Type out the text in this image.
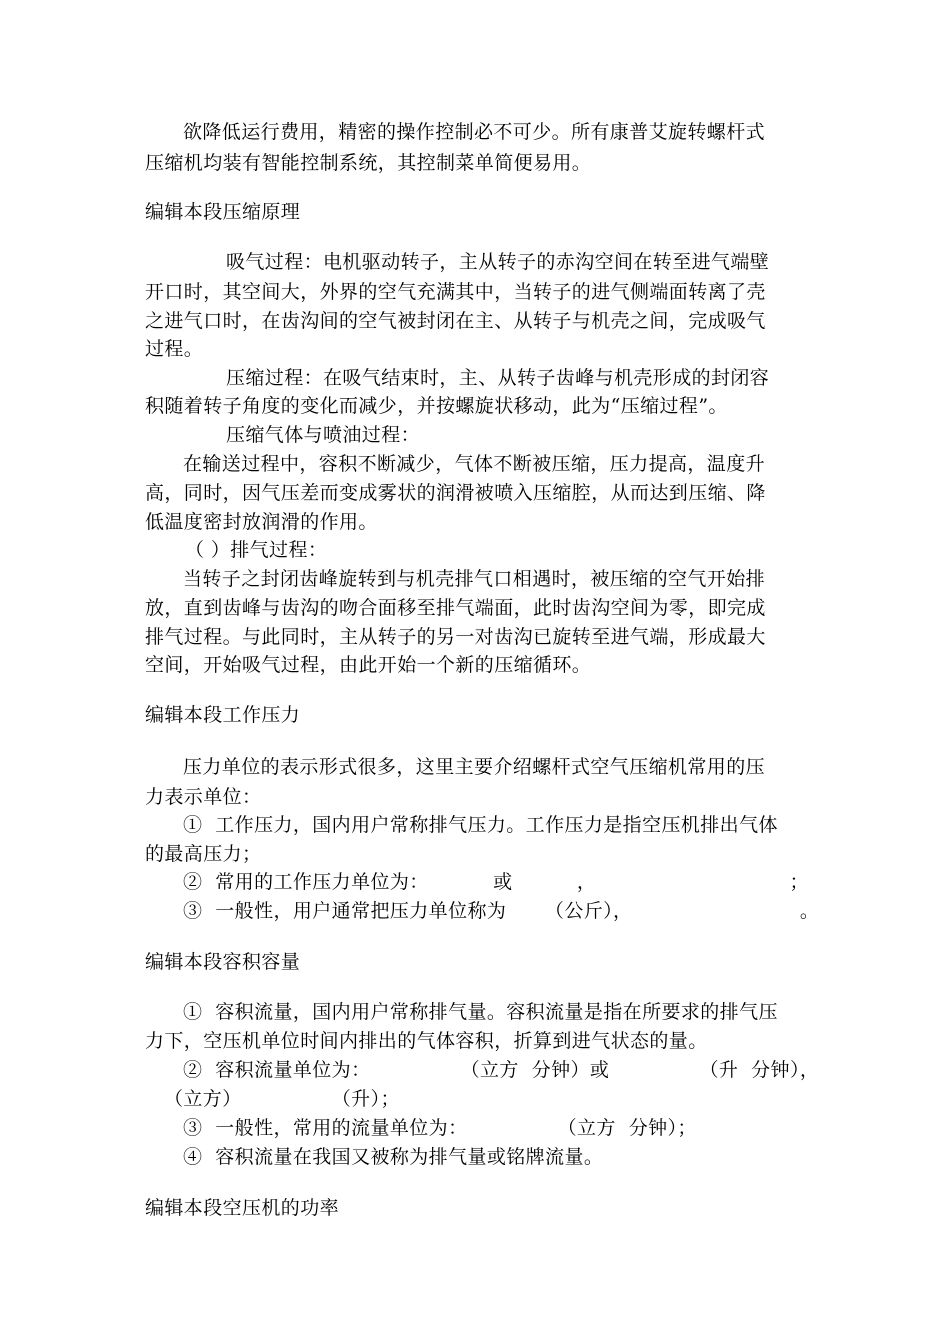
欲降低运行费用，精密的操作控制必不可少。所有康普艾旋转螺杆式

压缩机均装有智能控制系统，其控制菜单简便易用。

编辑本段压缩原理

吸气过程：电机驱动转子，主从转子的赤沟空间在转至进气端壁

开口时，其空间大，外界的空气充满其中，当转子的进气侧端面转离了壳

之进气口时，在齿沟间的空气被封闭在主、从转子与机壳之间，完成吸气

过程。

压缩过程：在吸气结束时，主、从转子齿峰与机壳形成的封闭容

积随着转子角度的变化而减少，并按螺旋状移动，此为“压缩过程”。

压缩气体与喷油过程：

在输送过程中，容积不断减少，气体不断被压缩，压力提高，温度升

高，同时，因气压差而变成雾状的润滑被喷入压缩腔，从而达到压缩、降

低温度密封放润滑的作用。

（ ）排气过程：

当转子之封闭齿峰旋转到与机壳排气口相遇时，被压缩的空气开始排

放，直到齿峰与齿沟的吻合面移至排气端面，此时齿沟空间为零，即完成

排气过程。与此同时，主从转子的另一对齿沟已旋转至进气端，形成最大

空间，开始吸气过程，由此开始一个新的压缩循环。

编辑本段工作压力

压力单位的表示形式很多，这里主要介绍螺杆式空气压缩机常用的压

力表示单位：

①  工作压力，国内用户常称排气压力。工作压力是指空压机排出气体

的最高压力；

②  常用的工作压力单位为：          或          ，                              ；

③  一般性，用户通常把压力单位称为      （公斤），                          。

编辑本段容积容量

①  容积流量，国内用户常称排气量。容积流量是指在所要求的排气压

力下，空压机单位时间内排出的气体容积，折算到进气状态的量。

②  容积流量单位为：              （立方  分钟）或              （升  分钟），

（立方）              （升）；

③  一般性，常用的流量单位为：              （立方  分钟）；

④  容积流量在我国又被称为排气量或铭牌流量。

编辑本段空压机的功率
